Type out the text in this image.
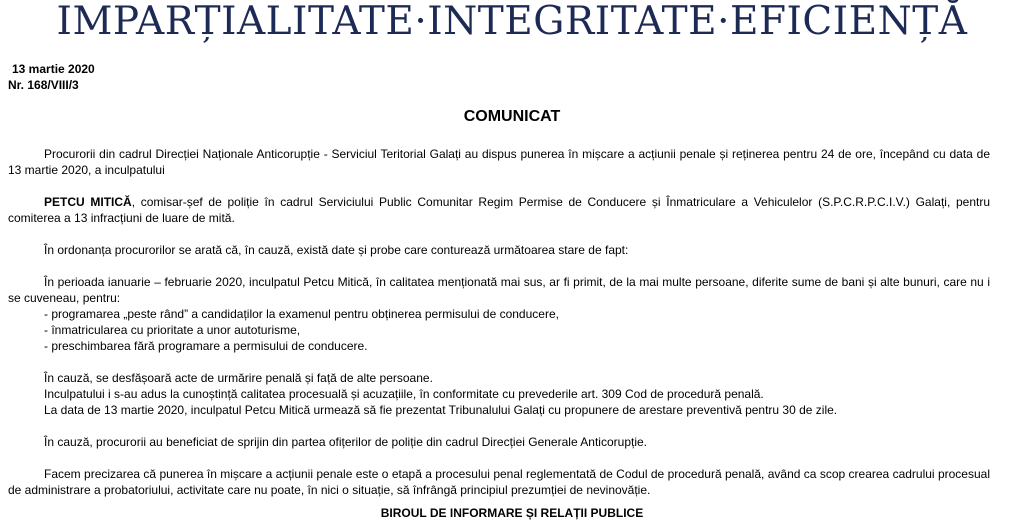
IMPARȚIALITATE·INTEGRITATE·EFICIENȚĂ
13 martie 2020
Nr. 168/VIII/3
COMUNICAT

Procurorii din cadrul Direcției Naționale Anticorupție - Serviciul Teritorial Galați au dispus punerea în mișcare a acțiunii penale și reținerea pentru 24 de ore, începând cu data de 13 martie 2020, a inculpatului

PETCU MITICĂ, comisar-șef de poliție în cadrul Serviciului Public Comunitar Regim Permise de Conducere și Înmatriculare a Vehiculelor (S.P.C.R.P.C.I.V.) Galați, pentru comiterea a 13 infracțiuni de luare de mită.

În ordonanța procurorilor se arată că, în cauză, există date și probe care conturează următoarea stare de fapt:

În perioada ianuarie – februarie 2020, inculpatul Petcu Mitică, în calitatea menționată mai sus, ar fi primit, de la mai multe persoane, diferite sume de bani și alte bunuri, care nu i se cuveneau, pentru:

- programarea „peste rând” a candidaților la examenul pentru obținerea permisului de conducere,
- înmatricularea cu prioritate a unor autoturisme,
- preschimbarea fără programare a permisului de conducere.
În cauză, se desfășoară acte de urmărire penală și față de alte persoane.
Inculpatului i s-au adus la cunoștință calitatea procesuală și acuzațiile, în conformitate cu prevederile art. 309 Cod de procedură penală.
La data de 13 martie 2020, inculpatul Petcu Mitică urmează să fie prezentat Tribunalului Galați cu propunere de arestare preventivă pentru 30 de zile.

În cauză, procurorii au beneficiat de sprijin din partea ofițerilor de poliție din cadrul Direcției Generale Anticorupție.

Facem precizarea că punerea în mișcare a acțiunii penale este o etapă a procesului penal reglementată de Codul de procedură penală, având ca scop crearea cadrului procesual de administrare a probatoriului, activitate care nu poate, în nici o situație, să înfrângă principiul prezumției de nevinovăție.

BIROUL DE INFORMARE ȘI RELAȚII PUBLICE
